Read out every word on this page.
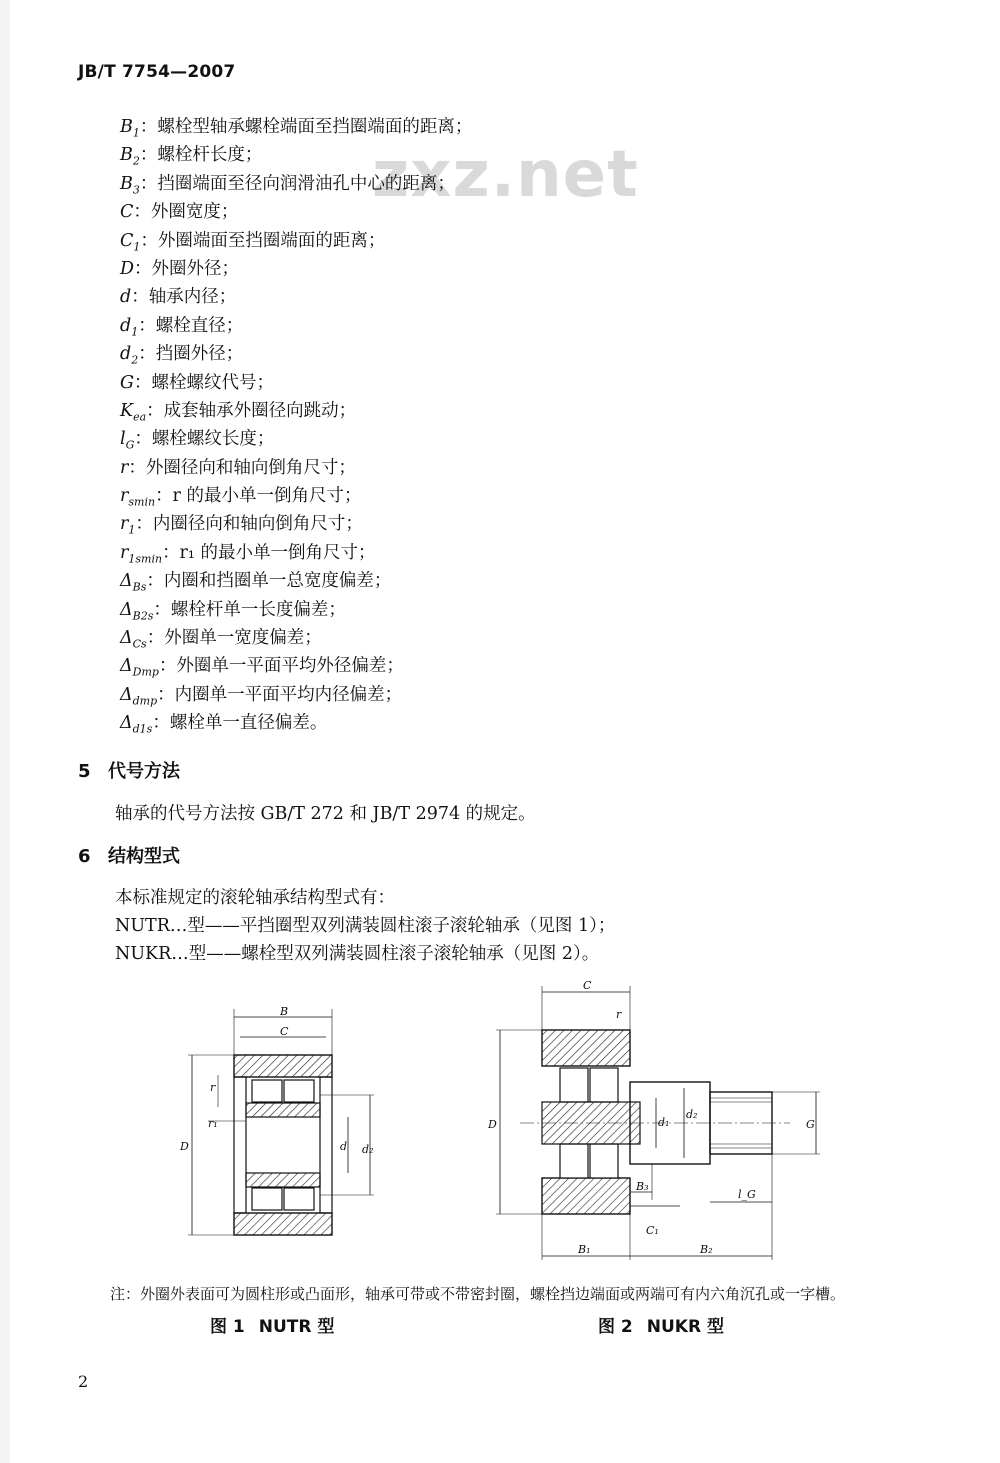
JB/T 7754—2007
zxz.net
$B_1$：螺栓型轴承螺栓端面至挡圈端面的距离；
$B_2$：螺栓杆长度；
$B_3$：挡圈端面至径向润滑油孔中心的距离；
C：外圈宽度；
$C_1$：外圈端面至挡圈端面的距离；
D：外圈外径；
d：轴承内径；
$d_1$：螺栓直径；
$d_2$：挡圈外径；
G：螺栓螺纹代号；
$K_{ea}$：成套轴承外圈径向跳动；
$l_G$：螺栓螺纹长度；
r：外圈径向和轴向倒角尺寸；
$r_{smin}$：r 的最小单一倒角尺寸；
$r_1$：内圈径向和轴向倒角尺寸；
$r_{1smin}$：r₁ 的最小单一倒角尺寸；
$\Delta_{Bs}$：内圈和挡圈单一总宽度偏差；
$\Delta_{B2s}$：螺栓杆单一长度偏差；
$\Delta_{Cs}$：外圈单一宽度偏差；
$\Delta_{Dmp}$：外圈单一平面平均外径偏差；
$\Delta_{dmp}$：内圈单一平面平均内径偏差；
$\Delta_{d1s}$：螺栓单一直径偏差。
5 代号方法
轴承的代号方法按 GB/T 272 和 JB/T 2974 的规定。
6 结构型式
本标准规定的滚轮轴承结构型式有：
NUTR…型——平挡圈型双列满装圆柱滚子滚轮轴承（见图 1）；
NUKR…型——螺栓型双列满装圆柱滚子滚轮轴承（见图 2）。
B
C
D	d d₂
r
r₁
C
r
D	d₁
d₂
G
B₃
l_G
C₁
B₁	B₂
注：外圈外表面可为圆柱形或凸面形，轴承可带或不带密封圈，螺栓挡边端面或两端可有内六角沉孔或一字槽。
图 1 NUTR 型	图 2 NUKR 型
2
